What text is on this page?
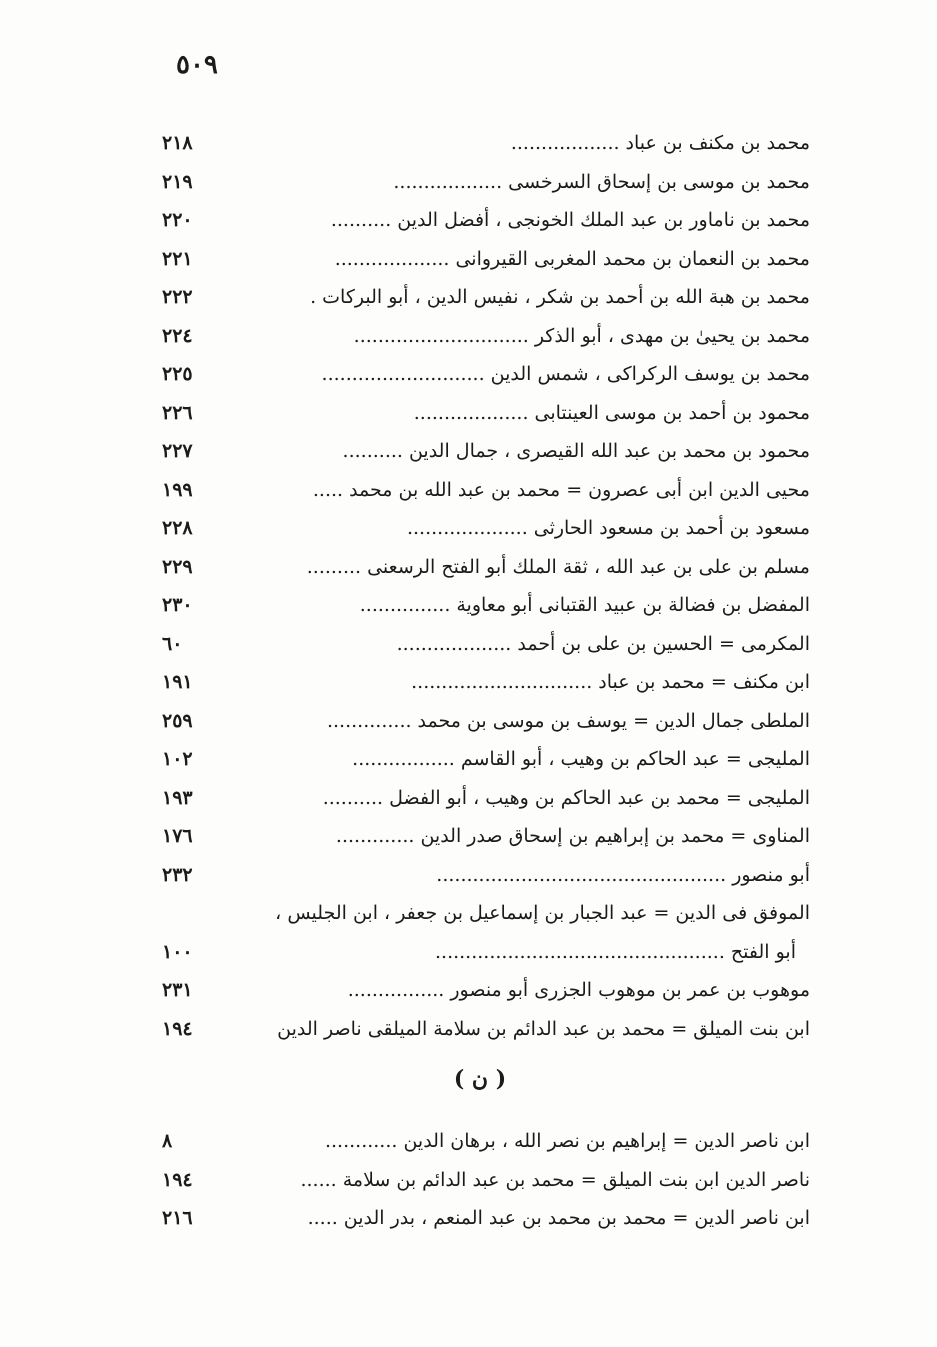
٥٠٩
محمد بن مكنف بن عباد..................
٢١٨
محمد بن موسى بن إسحاق السرخسى..................
٢١٩
محمد بن ناماور بن عبد الملك الخونجى ، أفضل الدين..........
٢٢٠
محمد بن النعمان بن محمد المغربى القيروانى...................
٢٢١
محمد بن هبة الله بن أحمد بن شكر ، نفيس الدين ، أبو البركات.
٢٢٢
محمد بن يحيىٰ بن مهدى ، أبو الذكر.............................
٢٢٤
محمد بن يوسف الركراكى ، شمس الدين...........................
٢٢٥
محمود بن أحمد بن موسى العينتابى...................
٢٢٦
محمود بن محمد بن عبد الله القيصرى ، جمال الدين..........
٢٢٧
محيى الدين ابن أبى عصرون = محمد بن عبد الله بن محمد.....
١٩٩
مسعود بن أحمد بن مسعود الحارثى....................
٢٢٨
مسلم بن على بن عبد الله ، ثقة الملك أبو الفتح الرسعنى.........
٢٢٩
المفضل بن فضالة بن عبيد القتبانى أبو معاوية...............
٢٣٠
المكرمى = الحسين بن على بن أحمد...................
٦٠
ابن مكنف = محمد بن عباد..............................
١٩١
الملطى جمال الدين = يوسف بن موسى بن محمد..............
٢٥٩
المليجى = عبد الحاكم بن وهيب ، أبو القاسم.................
١٠٢
المليجى = محمد بن عبد الحاكم بن وهيب ، أبو الفضل..........
١٩٣
المناوى = محمد بن إبراهيم بن إسحاق صدر الدين.............
١٧٦
أبو منصور................................................
٢٣٢
الموفق فى الدين = عبد الجبار بن إسماعيل بن جعفر ، ابن الجليس ،
أبو الفتح................................................
١٠٠
موهوب بن عمر بن موهوب الجزرى أبو منصور................
٢٣١
ابن بنت الميلق = محمد بن عبد الدائم بن سلامة الميلقى ناصر الدين
١٩٤
( ن )
ابن ناصر الدين = إبراهيم بن نصر الله ، برهان الدين............
٨
ناصر الدين ابن بنت الميلق = محمد بن عبد الدائم بن سلامة......
١٩٤
ابن ناصر الدين = محمد بن محمد بن عبد المنعم ، بدر الدين.....
٢١٦
